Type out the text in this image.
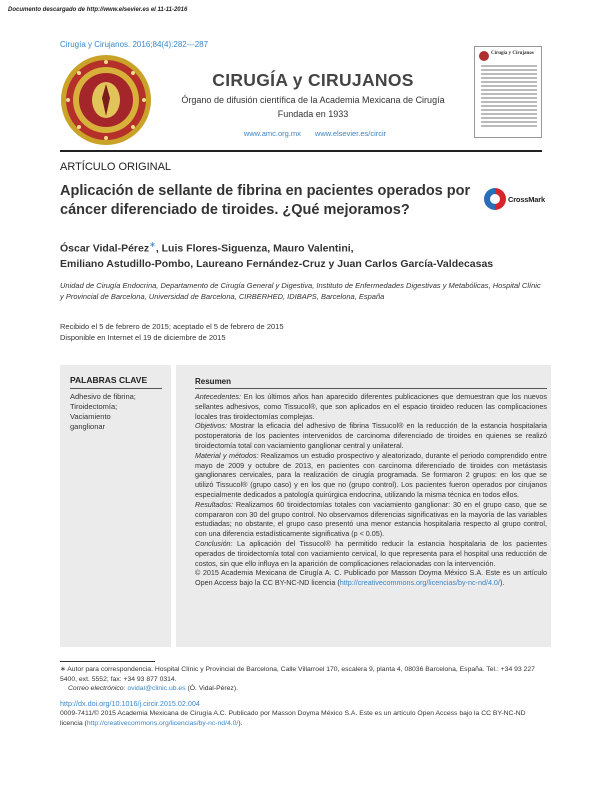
Documento descargado de http://www.elsevier.es el 11-11-2016
Cirugía y Cirujanos. 2016;84(4):282---287
CIRUGÍA y CIRUJANOS
Órgano de difusión científica de la Academia Mexicana de Cirugía
Fundada en 1933
www.amc.org.mx www.elsevier.es/circir
Cirugía y Cirujanos
ARTÍCULO ORIGINAL
Aplicación de sellante de fibrina en pacientes operados por cáncer diferenciado de tiroides. ¿Qué mejoramos?
CrossMark
Óscar Vidal-Pérez∗, Luis Flores-Siguenza, Mauro Valentini,
Emiliano Astudillo-Pombo, Laureano Fernández-Cruz y Juan Carlos García-Valdecasas
Unidad de Cirugía Endocrina, Departamento de Cirugía General y Digestiva, Instituto de Enfermedades Digestivas y Metabólicas, Hospital Clínic y Provincial de Barcelona, Universidad de Barcelona, CIRBERHED, IDIBAPS, Barcelona, España
Recibido el 5 de febrero de 2015; aceptado el 5 de febrero de 2015
Disponible en Internet el 19 de diciembre de 2015
PALABRAS CLAVE
Adhesivo de fibrina;
Tiroidectomía;
Vaciamiento
ganglionar
Resumen

Antecedentes: En los últimos años han aparecido diferentes publicaciones que demuestran que los nuevos sellantes adhesivos, como Tissucol®, que son aplicados en el espacio tiroideo reducen las complicaciones locales tras tiroidectomías complejas.

Objetivos: Mostrar la eficacia del adhesivo de fibrina Tissucol® en la reducción de la estancia hospitalaria postoperatoria de los pacientes intervenidos de carcinoma diferenciado de tiroides en quienes se realizó tiroidectomía total con vaciamiento ganglionar central y unilateral.

Material y métodos: Realizamos un estudio prospectivo y aleatorizado, durante el periodo comprendido entre mayo de 2009 y octubre de 2013, en pacientes con carcinoma diferenciado de tiroides con metástasis ganglionares cervicales, para la realización de cirugía programada. Se formaron 2 grupos: en los que se utilizó Tissucol® (grupo caso) y en los que no (grupo control). Los pacientes fueron operados por cirujanos especialmente dedicados a patología quirúrgica endocrina, utilizando la misma técnica en todos ellos.

Resultados: Realizamos 60 tiroidectomías totales con vaciamiento ganglionar: 30 en el grupo caso, que se compararon con 30 del grupo control. No observamos diferencias significativas en la mayoría de las variables estudiadas; no obstante, el grupo caso presentó una menor estancia hospitalaria respecto al grupo control, con una diferencia estadísticamente significativa (p < 0.05).

Conclusión: La aplicación del Tissucol® ha permitido reducir la estancia hospitalaria de los pacientes operados de tiroidectomía total con vaciamiento cervical, lo que representa para el hospital una reducción de costos, sin que ello influya en la aparición de complicaciones relacionadas con la intervención.

© 2015 Academia Mexicana de Cirugía A. C. Publicado por Masson Doyma México S.A. Este es un artículo Open Access bajo la CC BY-NC-ND licencia (http://creativecommons.org/licencias/by-nc-nd/4.0/).

∗ Autor para correspondencia. Hospital Clínic y Provincial de Barcelona, Calle Villarroel 170, escalera 9, planta 4, 08036 Barcelona, España. Tel.: +34 93 227 5400, ext. 5552; fax: +34 93 877 0314.
Correo electrónico: ovidal@clinic.ub.es (Ó. Vidal-Pérez).
http://dx.doi.org/10.1016/j.circir.2015.02.004
0009-7411/© 2015 Academia Mexicana de Cirugía A.C. Publicado por Masson Doyma México S.A. Este es un artículo Open Access bajo la CC BY-NC-ND licencia (http://creativecommons.org/licencias/by-nc-nd/4.0/).
